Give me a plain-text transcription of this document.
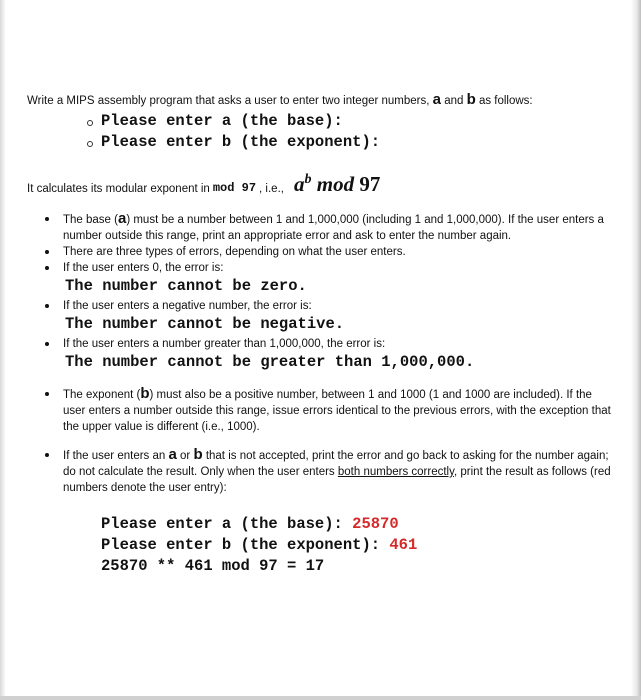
Write a MIPS assembly program that asks a user to enter two integer numbers, a and b as follows:

Please enter a (the base):
Please enter b (the exponent):
It calculates its modular exponent in mod 97 , i.e., $a^b$ mod 97
The base (a) must be a number between 1 and 1,000,000 (including 1 and 1,000,000). If the user enters a number outside this range, print an appropriate error and ask to enter the number again.
There are three types of errors, depending on what the user enters.
If the user enters 0, the error is:
The number cannot be zero.
If the user enters a negative number, the error is:
The number cannot be negative.
If the user enters a number greater than 1,000,000, the error is:
The number cannot be greater than 1,000,000.
The exponent (b) must also be a positive number, between 1 and 1000 (1 and 1000 are included). If the user enters a number outside this range, issue errors identical to the previous errors, with the exception that the upper value is different (i.e., 1000).
If the user enters an a or b that is not accepted, print the error and go back to asking for the number again; do not calculate the result. Only when the user enters both numbers correctly, print the result as follows (red numbers denote the user entry):
Please enter a (the base): 25870
Please enter b (the exponent): 461
25870 ** 461 mod 97 = 17
